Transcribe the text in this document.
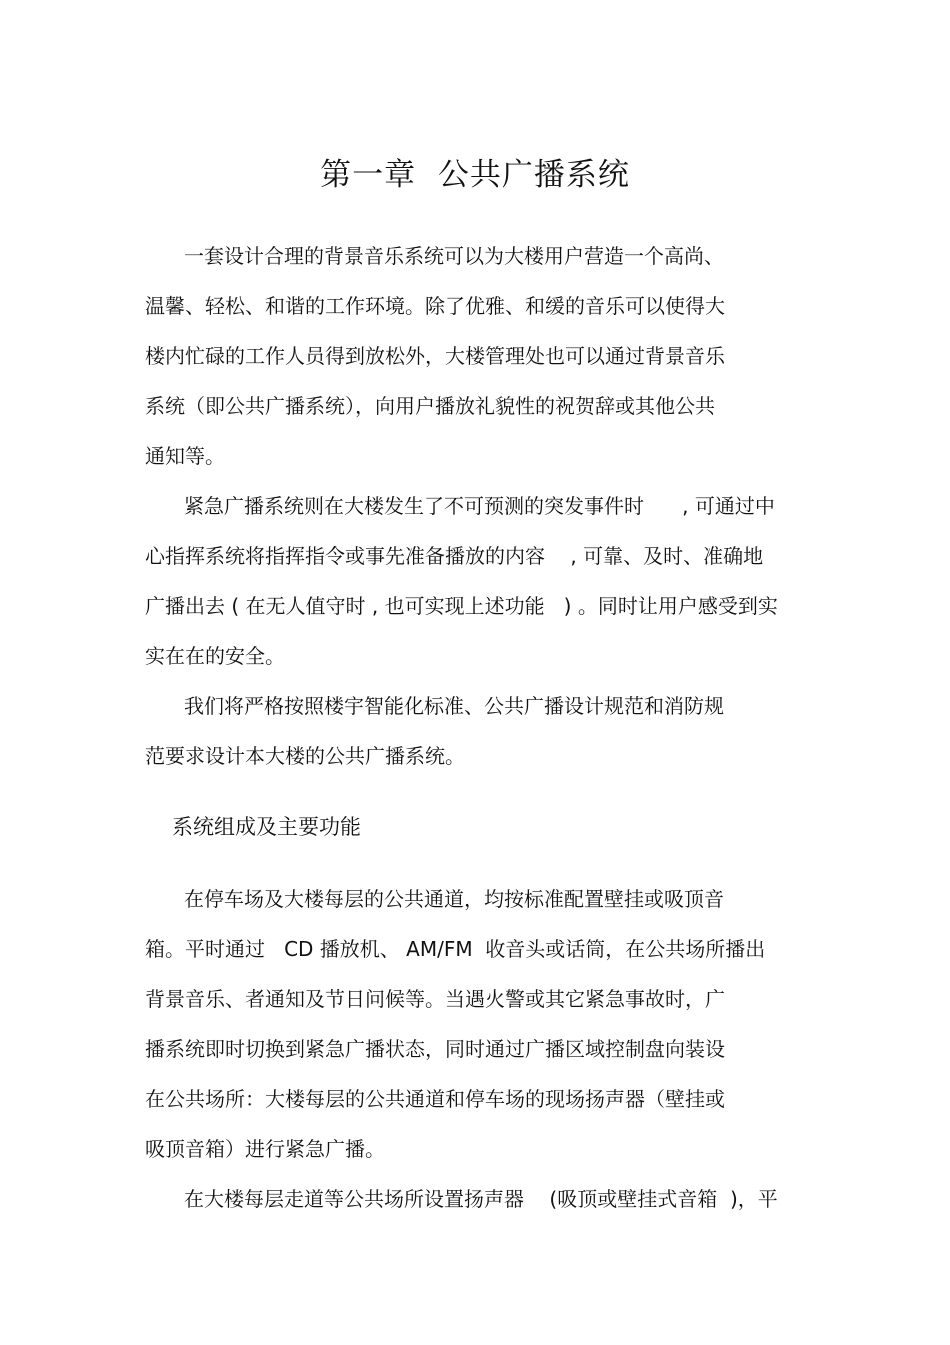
第一章  公共广播系统
一套设计合理的背景音乐系统可以为大楼用户营造一个高尚、
温馨、轻松、和谐的工作环境。除了优雅、和缓的音乐可以使得大
楼内忙碌的工作人员得到放松外，大楼管理处也可以通过背景音乐
系统（即公共广播系统），向用户播放礼貌性的祝贺辞或其他公共
通知等。
紧急广播系统则在大楼发生了不可预测的突发事件时      , 可通过中
心指挥系统将指挥指令或事先准备播放的内容    , 可靠、及时、准确地
广播出去 ( 在无人值守时 , 也可实现上述功能   ) 。同时让用户感受到实
实在在的安全。
我们将严格按照楼宇智能化标准、公共广播设计规范和消防规
范要求设计本大楼的公共广播系统。
系统组成及主要功能
在停车场及大楼每层的公共通道，均按标准配置壁挂或吸顶音
箱。平时通过   CD 播放机、 AM/FM  收音头或话筒，在公共场所播出
背景音乐、者通知及节日问候等。当遇火警或其它紧急事故时，广
播系统即时切换到紧急广播状态，同时通过广播区域控制盘向装设
在公共场所：大楼每层的公共通道和停车场的现场扬声器（壁挂或
吸顶音箱）进行紧急广播。
在大楼每层走道等公共场所设置扬声器    (吸顶或壁挂式音箱  )，平
